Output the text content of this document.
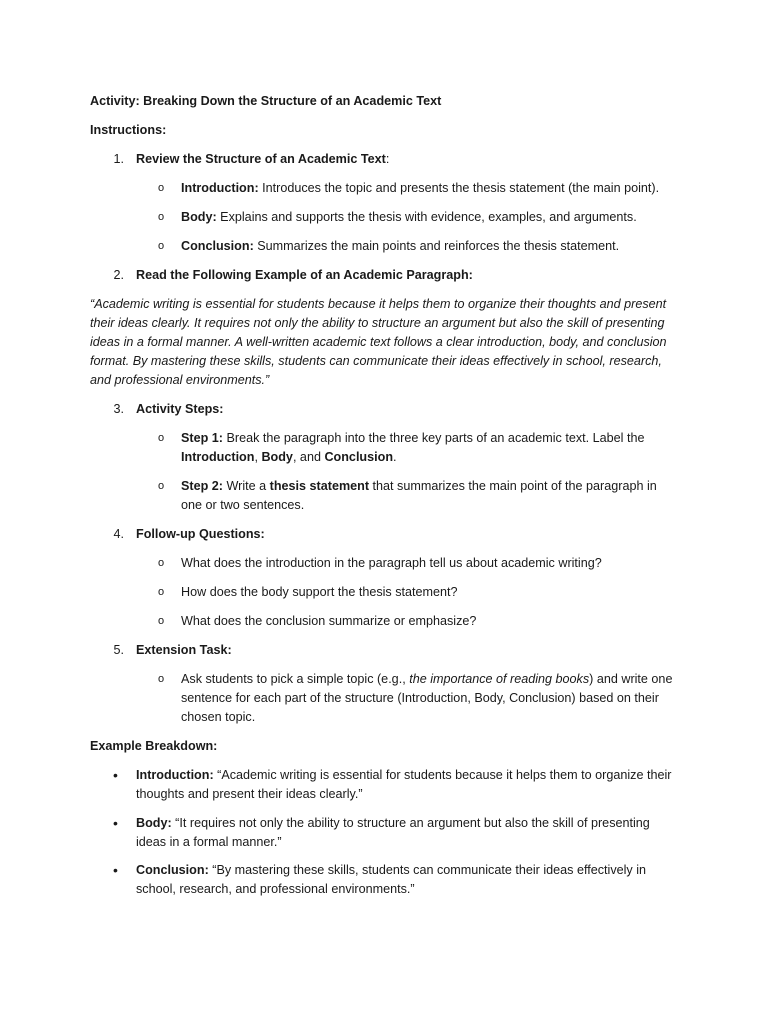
Activity: Breaking Down the Structure of an Academic Text
Instructions:
1. Review the Structure of an Academic Text:
o Introduction: Introduces the topic and presents the thesis statement (the main point).
o Body: Explains and supports the thesis with evidence, examples, and arguments.
o Conclusion: Summarizes the main points and reinforces the thesis statement.
2. Read the Following Example of an Academic Paragraph:
“Academic writing is essential for students because it helps them to organize their thoughts and present
their ideas clearly. It requires not only the ability to structure an argument but also the skill of presenting
ideas in a formal manner. A well-written academic text follows a clear introduction, body, and conclusion
format. By mastering these skills, students can communicate their ideas effectively in school, research,
and professional environments.”
3. Activity Steps:
o Step 1: Break the paragraph into the three key parts of an academic text. Label the
Introduction, Body, and Conclusion.
o Step 2: Write a thesis statement that summarizes the main point of the paragraph in
one or two sentences.
4. Follow-up Questions:
o What does the introduction in the paragraph tell us about academic writing?
o How does the body support the thesis statement?
o What does the conclusion summarize or emphasize?
5. Extension Task:
o Ask students to pick a simple topic (e.g., the importance of reading books) and write one
sentence for each part of the structure (Introduction, Body, Conclusion) based on their
chosen topic.
Example Breakdown:
• Introduction: “Academic writing is essential for students because it helps them to organize their
thoughts and present their ideas clearly.”
• Body: “It requires not only the ability to structure an argument but also the skill of presenting
ideas in a formal manner.”
• Conclusion: “By mastering these skills, students can communicate their ideas effectively in
school, research, and professional environments.”
